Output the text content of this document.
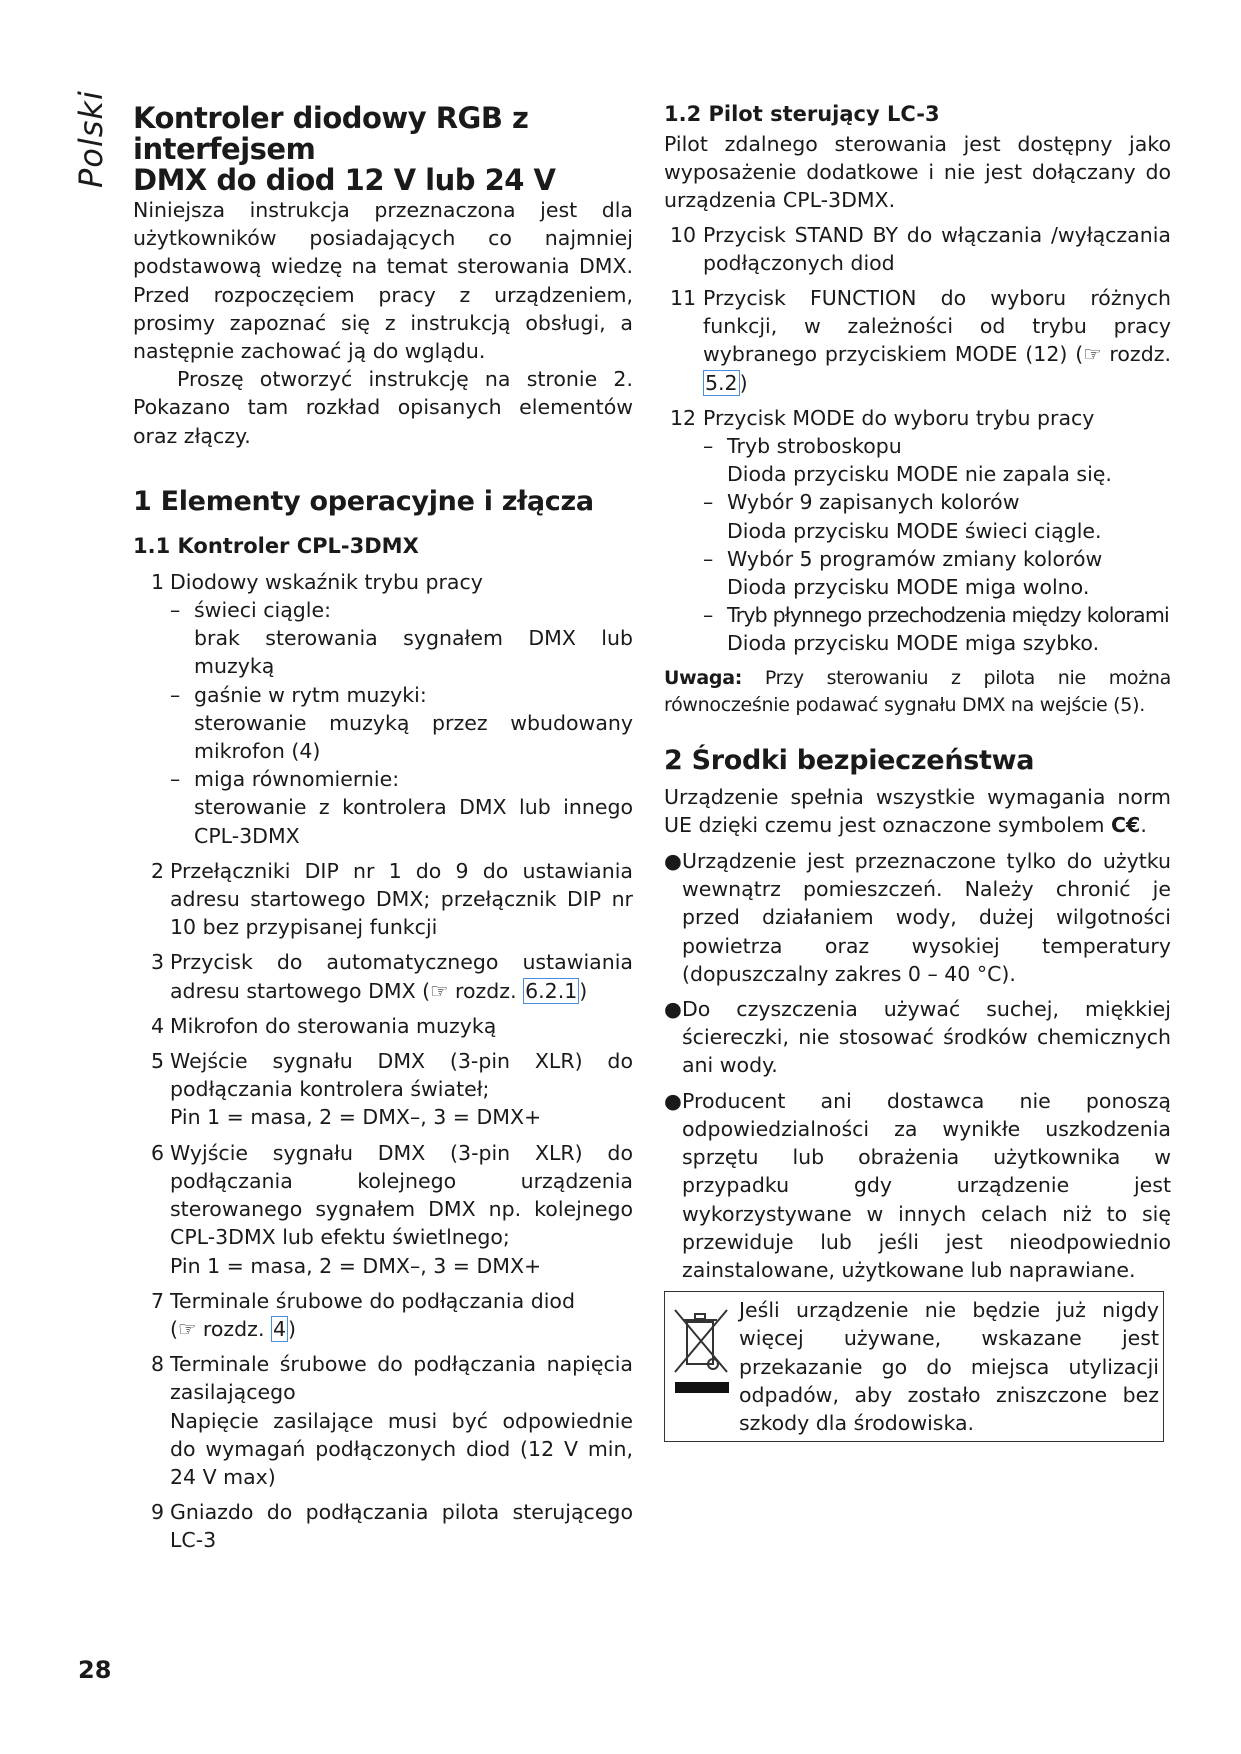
Polski Kontroler diodowy RGB z interfejsem
DMX do diod 12 V lub 24 V

Niniejsza instrukcja przeznaczona jest dla użytkowników posiadających co najmniej podstawową wiedzę na temat sterowania DMX. Przed rozpoczęciem pracy z urządzeniem, prosimy zapoznać się z instrukcją obsługi, a następnie zachować ją do wglądu.

Proszę otworzyć instrukcję na stronie 2. Pokazano tam rozkład opisanych elementów oraz złączy.

1 Elementy operacyjne i złącza
1.1 Kontroler CPL-3DMX
1 Diodowy wskaźnik trybu pracy
– świeci ciągle:
brak sterowania sygnałem DMX lub muzyką
– gaśnie w rytm muzyki:
sterowanie muzyką przez wbudowany mikrofon (4)
– miga równomiernie:
sterowanie z kontrolera DMX lub innego CPL-3DMX
2 Przełączniki DIP nr 1 do 9 do ustawiania adresu startowego DMX; przełącznik DIP nr 10 bez przypisanej funkcji
3 Przycisk do automatycznego ustawiania adresu startowego DMX (☞ rozdz. 6.2.1)
4 Mikrofon do sterowania muzyką
5 Wejście sygnału DMX (3-pin XLR) do podłączania kontrolera świateł;
Pin 1 = masa, 2 = DMX–, 3 = DMX+
6 Wyjście sygnału DMX (3-pin XLR) do podłączania kolejnego urządzenia sterowanego sygnałem DMX np. kolejnego CPL-3DMX lub efektu świetlnego;
Pin 1 = masa, 2 = DMX–, 3 = DMX+
7 Terminale śrubowe do podłączania diod
(☞ rozdz. 4)
8 Terminale śrubowe do podłączania napięcia zasilającego
Napięcie zasilające musi być odpowiednie do wymagań podłączonych diod (12 V min, 24 V max)
9 Gniazdo do podłączania pilota sterującego LC-3
1.2 Pilot sterujący LC-3

Pilot zdalnego sterowania jest dostępny jako wyposażenie dodatkowe i nie jest dołączany do urządzenia CPL-3DMX.

10 Przycisk STAND BY do włączania /wyłączania podłączonych diod
11 Przycisk FUNCTION do wyboru różnych funkcji, w zależności od trybu pracy wybranego przyciskiem MODE (12) (☞ rozdz. 5.2)
12 Przycisk MODE do wyboru trybu pracy
– Tryb stroboskopu
Dioda przycisku MODE nie zapala się.
– Wybór 9 zapisanych kolorów
Dioda przycisku MODE świeci ciągle.
– Wybór 5 programów zmiany kolorów
Dioda przycisku MODE miga wolno.
– Tryb płynnego przechodzenia między kolorami
Dioda przycisku MODE miga szybko.

Uwaga: Przy sterowaniu z pilota nie można równocześnie podawać sygnału DMX na wejście (5).

2 Środki bezpieczeństwa

Urządzenie spełnia wszystkie wymagania norm UE dzięki czemu jest oznaczone symbolem C€.

● Urządzenie jest przeznaczone tylko do użytku wewnątrz pomieszczeń. Należy chronić je przed działaniem wody, dużej wilgotności powietrza oraz wysokiej temperatury (dopuszczalny zakres 0 – 40 °C).
● Do czyszczenia używać suchej, miękkiej ściereczki, nie stosować środków chemicznych ani wody.
● Producent ani dostawca nie ponoszą odpowiedzialności za wynikłe uszkodzenia sprzętu lub obrażenia użytkownika w przypadku gdy urządzenie jest wykorzystywane w innych celach niż to się przewiduje lub jeśli jest nieodpowiednio zainstalowane, użytkowane lub naprawiane.
Jeśli urządzenie nie będzie już nigdy więcej używane, wskazane jest przekazanie go do miejsca utylizacji odpadów, aby zostało zniszczone bez szkody dla środowiska.
28
